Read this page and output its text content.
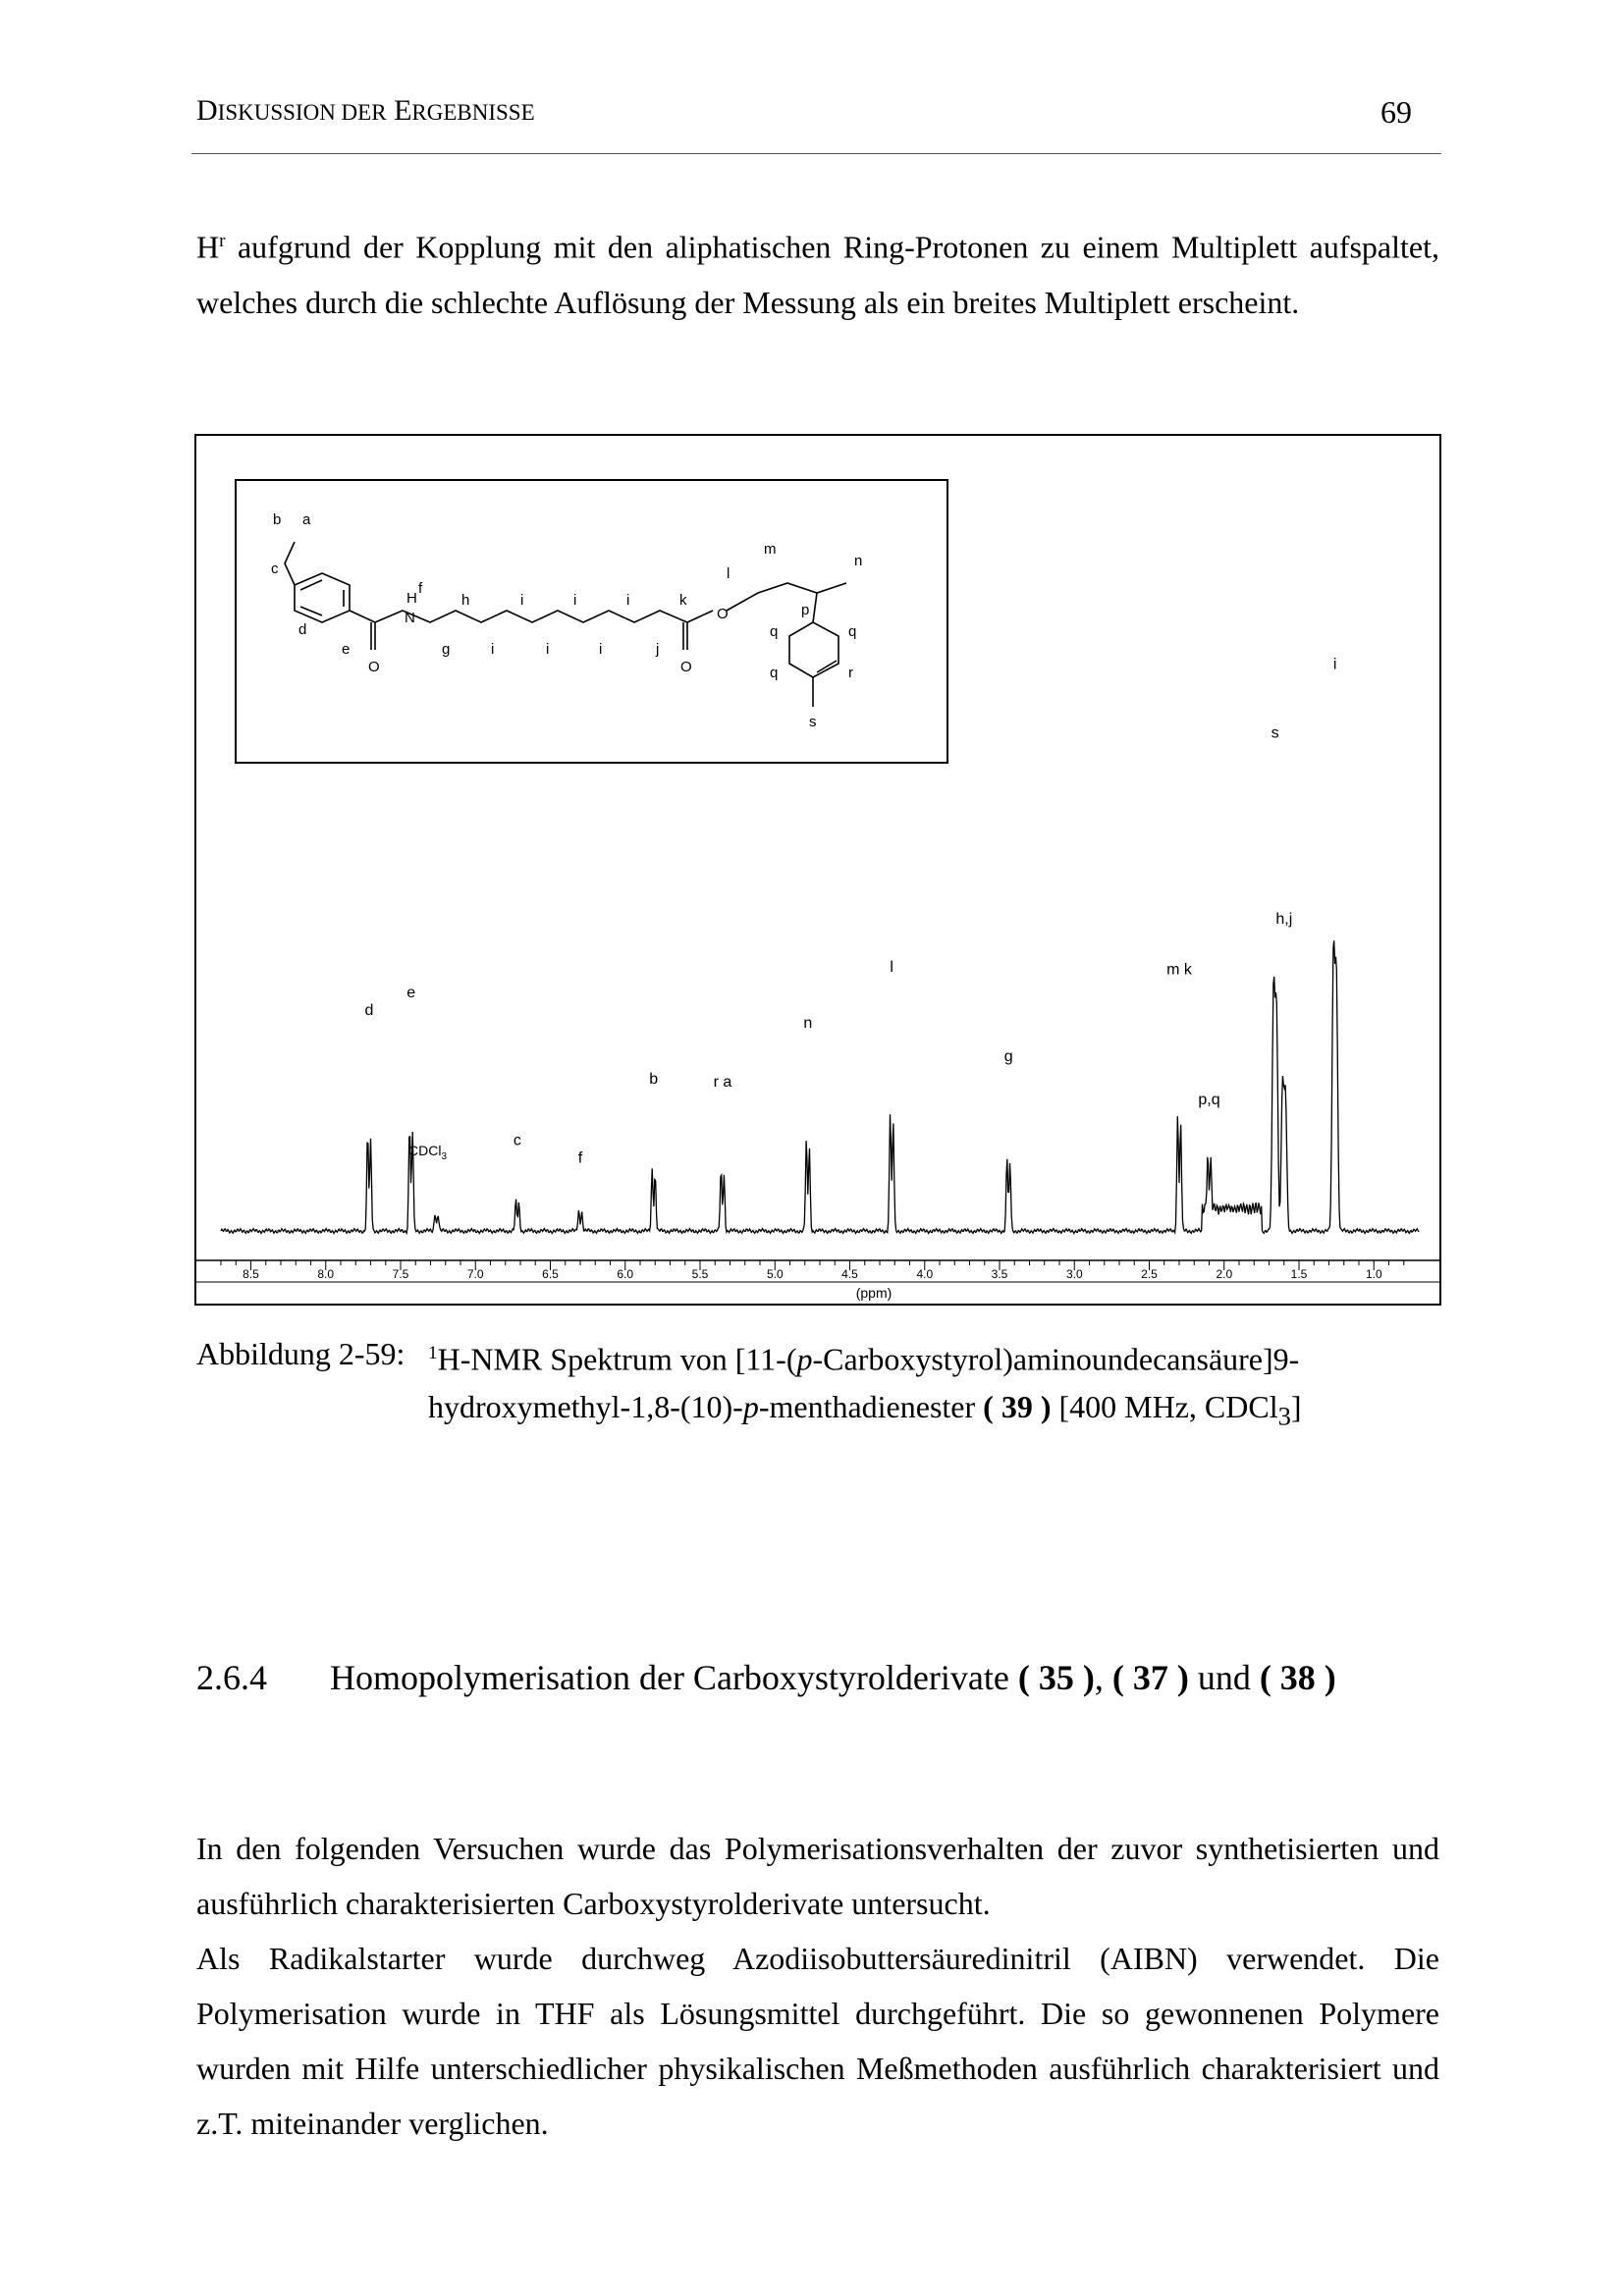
DISKUSSION DER ERGEBNISSE	69

$H^r$ aufgrund der Kopplung mit den aliphatischen Ring-Protonen zu einem Multiplett aufspaltet, welches durch die schlechte Auflösung der Messung als ein breites Multiplett erscheint.

b a
c
d
e
H
f
N
O
g
h	i	i	i
i	i	i	j
k
O
O
l
m
n
p
q	q
q	r
s
d
e
c
f
b	r a
n
l
g
m k
p,q
h,j
s
i
8.5	8.0	7.5	7.0	6.5	6.0	5.5	5.0	4.5	4.0	3.5	3.0	2.5	2.0	1.5	1.0
(ppm)
CDCl$_3$
Abbildung 2-59: $^1$H-NMR Spektrum von [11-(p-Carboxystyrol)aminoundecansäure]9-hydroxymethyl-1,8-(10)-p-menthadienester ( 39 ) [400 MHz, CDCl$_3$]
2.6.4 Homopolymerisation der Carboxystyrolderivate ( 35 ), ( 37 ) und ( 38 )

In den folgenden Versuchen wurde das Polymerisationsverhalten der zuvor synthetisierten und ausführlich charakterisierten Carboxystyrolderivate untersucht.

Als Radikalstarter wurde durchweg Azodiisobuttersäuredinitril (AIBN) verwendet. Die Polymerisation wurde in THF als Lösungsmittel durchgeführt. Die so gewonnenen Polymere wurden mit Hilfe unterschiedlicher physikalischen Meßmethoden ausführlich charakterisiert und z.T. miteinander verglichen.
